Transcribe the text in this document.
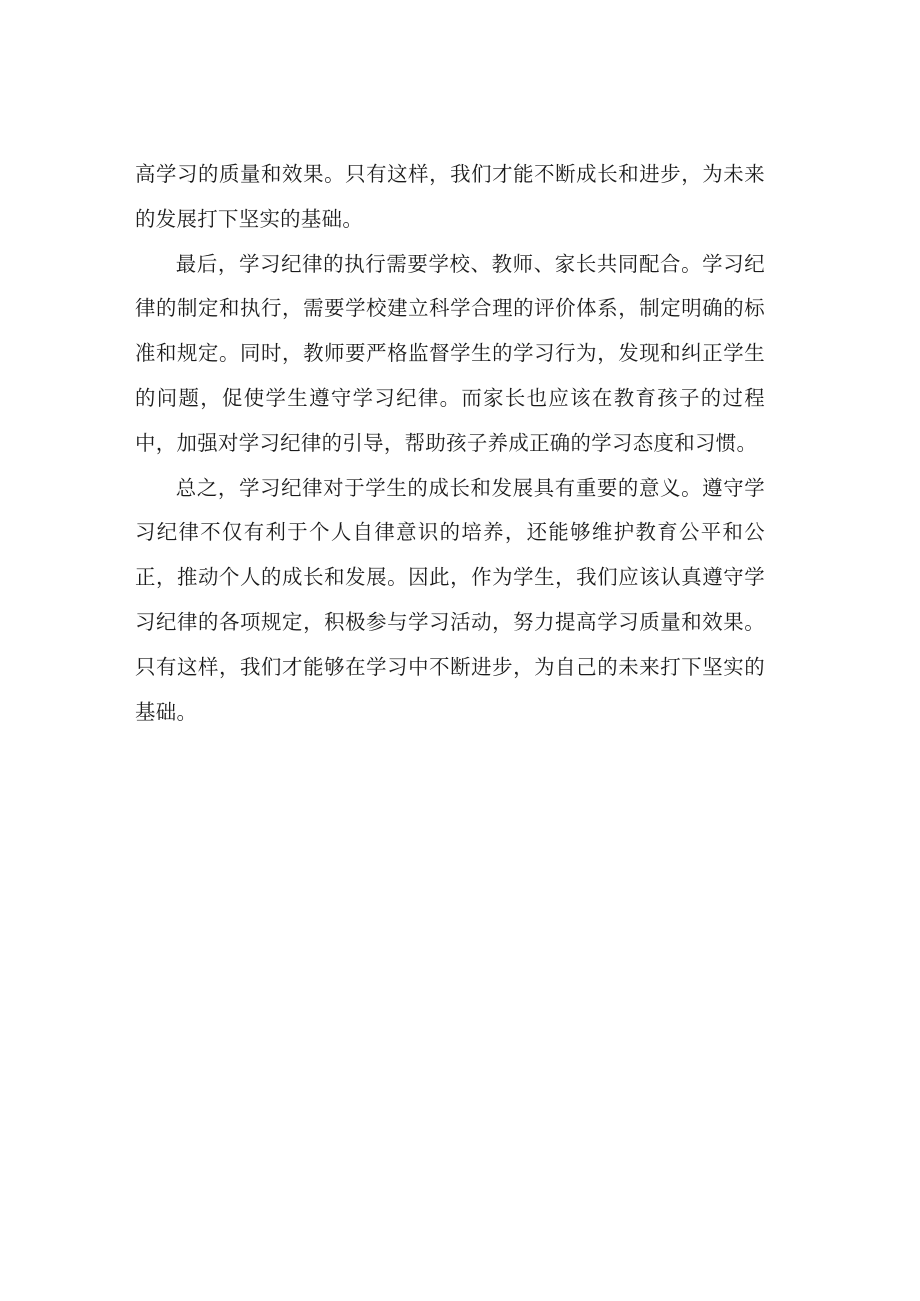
高学习的质量和效果。只有这样，我们才能不断成长和进步，为未来的发展打下坚实的基础。

最后，学习纪律的执行需要学校、教师、家长共同配合。学习纪律的制定和执行，需要学校建立科学合理的评价体系，制定明确的标准和规定。同时，教师要严格监督学生的学习行为，发现和纠正学生的问题，促使学生遵守学习纪律。而家长也应该在教育孩子的过程中，加强对学习纪律的引导，帮助孩子养成正确的学习态度和习惯。

总之，学习纪律对于学生的成长和发展具有重要的意义。遵守学习纪律不仅有利于个人自律意识的培养，还能够维护教育公平和公正，推动个人的成长和发展。因此，作为学生，我们应该认真遵守学习纪律的各项规定，积极参与学习活动，努力提高学习质量和效果。只有这样，我们才能够在学习中不断进步，为自己的未来打下坚实的基础。
